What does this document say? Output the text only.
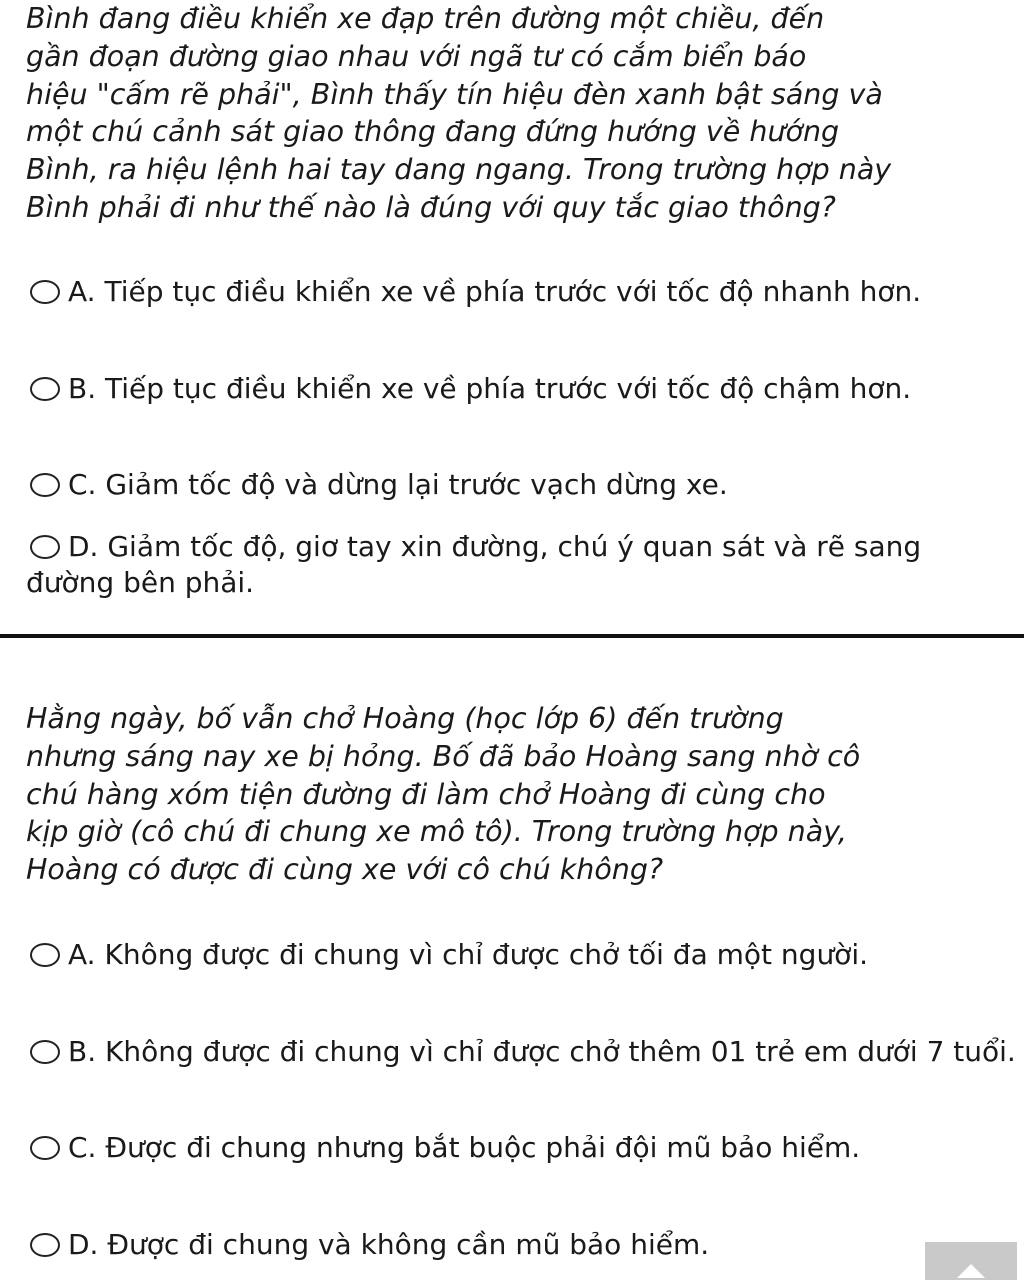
Bình đang điều khiển xe đạp trên đường một chiều, đến
gần đoạn đường giao nhau với ngã tư có cắm biển báo
hiệu "cấm rẽ phải", Bình thấy tín hiệu đèn xanh bật sáng và
một chú cảnh sát giao thông đang đứng hướng về hướng
Bình, ra hiệu lệnh hai tay dang ngang. Trong trường hợp này
Bình phải đi như thế nào là đúng với quy tắc giao thông?

A. Tiếp tục điều khiển xe về phía trước với tốc độ nhanh hơn.
B. Tiếp tục điều khiển xe về phía trước với tốc độ chậm hơn.
C. Giảm tốc độ và dừng lại trước vạch dừng xe.
D. Giảm tốc độ, giơ tay xin đường, chú ý quan sát và rẽ sang đường bên phải.

Hằng ngày, bố vẫn chở Hoàng (học lớp 6) đến trường
nhưng sáng nay xe bị hỏng. Bố đã bảo Hoàng sang nhờ cô
chú hàng xóm tiện đường đi làm chở Hoàng đi cùng cho
kịp giờ (cô chú đi chung xe mô tô). Trong trường hợp này,
Hoàng có được đi cùng xe với cô chú không?

A. Không được đi chung vì chỉ được chở tối đa một người.
B. Không được đi chung vì chỉ được chở thêm 01 trẻ em dưới 7 tuổi.
C. Được đi chung nhưng bắt buộc phải đội mũ bảo hiểm.
D. Được đi chung và không cần mũ bảo hiểm.
